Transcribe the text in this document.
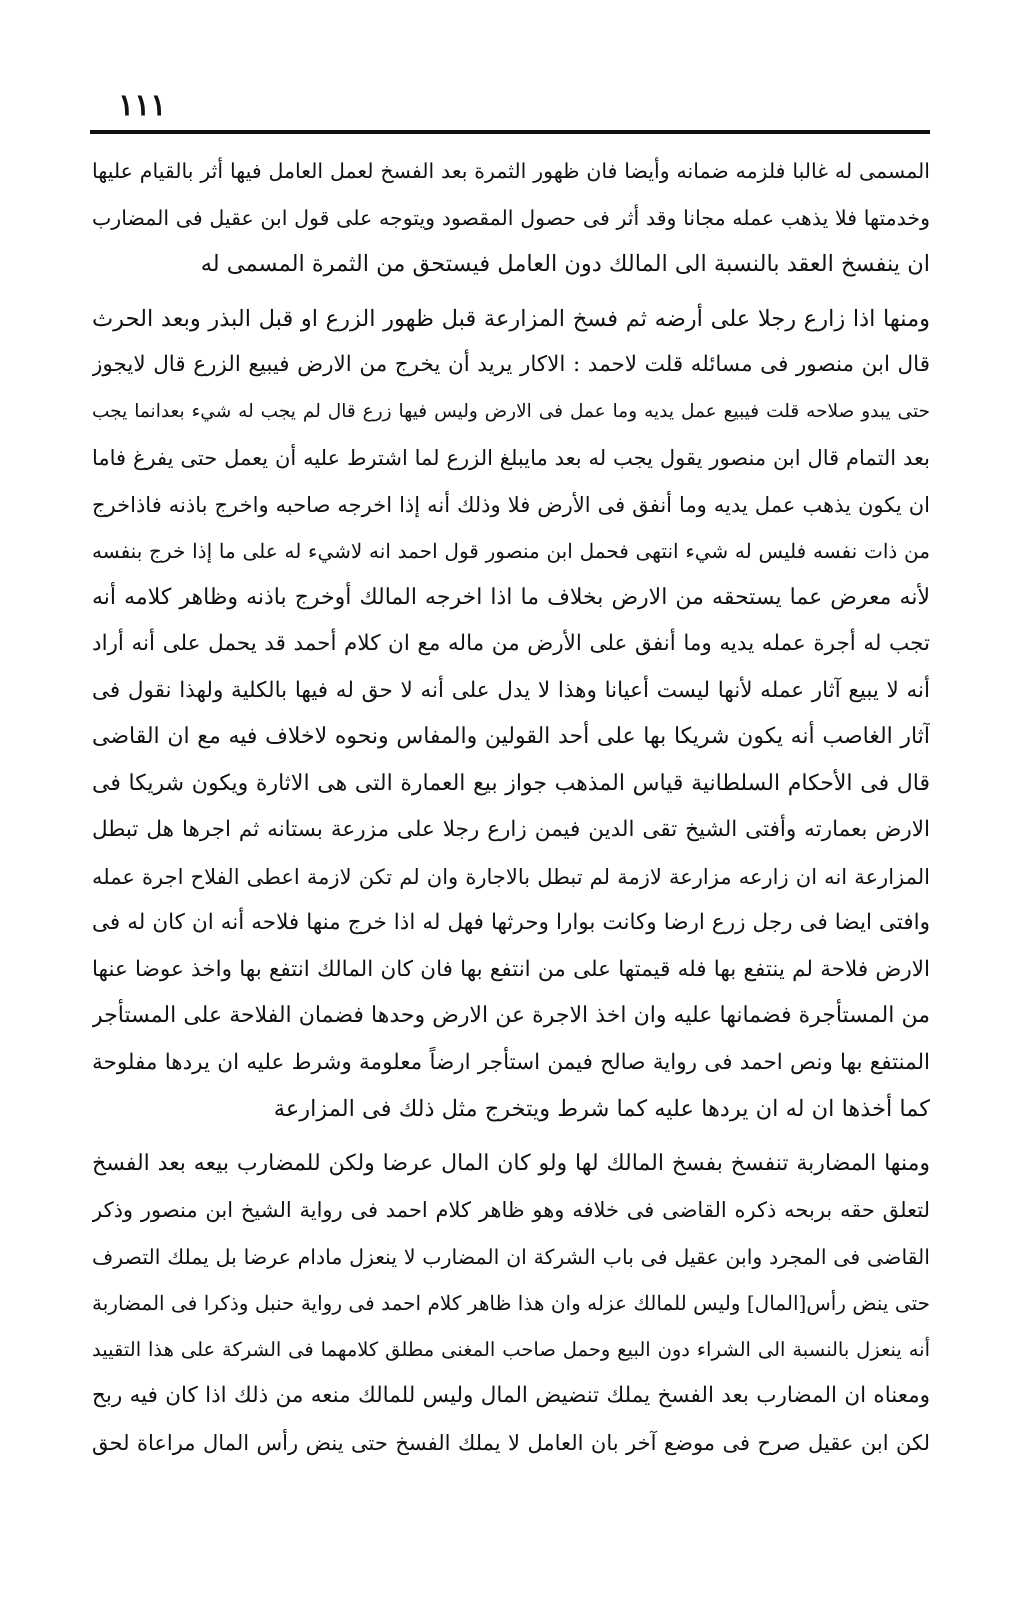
١١١
المسمى له غالبا فلزمه ضمانه وأيضا فان ظهور الثمرة بعد الفسخ لعمل العامل فيها أثر بالقيام عليها
وخدمتها فلا يذهب عمله مجانا وقد أثر فى حصول المقصود ويتوجه على قول ابن عقيل فى المضارب
ان ينفسخ العقد بالنسبة الى المالك دون العامل فيستحق من الثمرة المسمى له
ومنها اذا زارع رجلا على أرضه ثم فسخ المزارعة قبل ظهور الزرع او قبل البذر وبعد الحرث
قال ابن منصور فى مسائله قلت لاحمد : الاكار يريد أن يخرج من الارض فيبيع الزرع قال لايجوز
حتى يبدو صلاحه قلت فيبيع عمل يديه وما عمل فى الارض وليس فيها زرع قال لم يجب له شيء بعدانما يجب
بعد التمام قال ابن منصور يقول يجب له بعد مايبلغ الزرع لما اشترط عليه أن يعمل حتى يفرغ فاما
ان يكون يذهب عمل يديه وما أنفق فى الأرض فلا وذلك أنه إذا اخرجه صاحبه واخرج باذنه فاذاخرج
من ذات نفسه فليس له شيء انتهى فحمل ابن منصور قول احمد انه لاشيء له على ما إذا خرج بنفسه
لأنه معرض عما يستحقه من الارض بخلاف ما اذا اخرجه المالك أوخرج باذنه وظاهر كلامه أنه
تجب له أجرة عمله يديه وما أنفق على الأرض من ماله مع ان كلام أحمد قد يحمل على أنه أراد
أنه لا يبيع آثار عمله لأنها ليست أعيانا وهذا لا يدل على أنه لا حق له فيها بالكلية ولهذا نقول فى
آثار الغاصب أنه يكون شريكا بها على أحد القولين والمفاس ونحوه لاخلاف فيه مع ان القاضى
قال فى الأحكام السلطانية قياس المذهب جواز بيع العمارة التى هى الاثارة ويكون شريكا فى
الارض بعمارته وأفتى الشيخ تقى الدين فيمن زارع رجلا على مزرعة بستانه ثم اجرها هل تبطل
المزارعة انه ان زارعه مزارعة لازمة لم تبطل بالاجارة وان لم تكن لازمة اعطى الفلاح اجرة عمله
وافتى ايضا فى رجل زرع ارضا وكانت بوارا وحرثها فهل له اذا خرج منها فلاحه أنه ان كان له فى
الارض فلاحة لم ينتفع بها فله قيمتها على من انتفع بها فان كان المالك انتفع بها واخذ عوضا عنها
من المستأجرة فضمانها عليه وان اخذ الاجرة عن الارض وحدها فضمان الفلاحة على المستأجر
المنتفع بها ونص احمد فى رواية صالح فيمن استأجر ارضاً معلومة وشرط عليه ان يردها مفلوحة
كما أخذها ان له ان يردها عليه كما شرط ويتخرج مثل ذلك فى المزارعة
ومنها المضاربة تنفسخ بفسخ المالك لها ولو كان المال عرضا ولكن للمضارب بيعه بعد الفسخ
لتعلق حقه بربحه ذكره القاضى فى خلافه وهو ظاهر كلام احمد فى رواية الشيخ ابن منصور وذكر
القاضى فى المجرد وابن عقيل فى باب الشركة ان المضارب لا ينعزل مادام عرضا بل يملك التصرف
حتى ينض رأس[المال] وليس للمالك عزله وان هذا ظاهر كلام احمد فى رواية حنبل وذكرا فى المضاربة
أنه ينعزل بالنسبة الى الشراء دون البيع وحمل صاحب المغنى مطلق كلامهما فى الشركة على هذا التقييد
ومعناه ان المضارب بعد الفسخ يملك تنضيض المال وليس للمالك منعه من ذلك اذا كان فيه ربح
لكن ابن عقيل صرح فى موضع آخر بان العامل لا يملك الفسخ حتى ينض رأس المال مراعاة لحق
